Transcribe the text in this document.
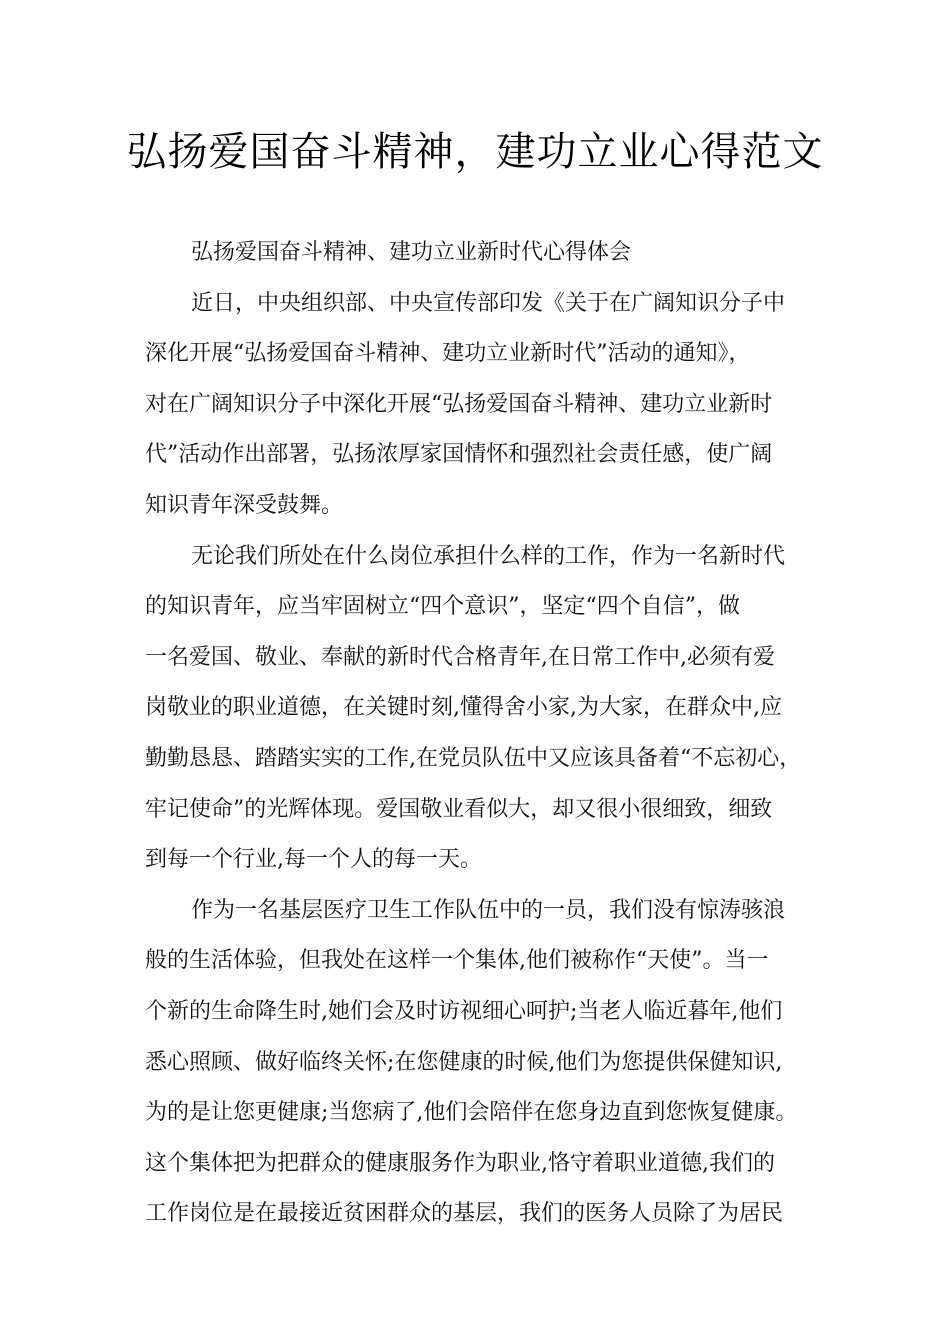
弘扬爱国奋斗精神，建功立业心得范文
弘扬爱国奋斗精神、建功立业新时代心得体会
近日，中央组织部、中央宣传部印发《关于在广阔知识分子中
深化开展“弘扬爱国奋斗精神、建功立业新时代”活动的通知》，
对在广阔知识分子中深化开展“弘扬爱国奋斗精神、建功立业新时
代”活动作出部署，弘扬浓厚家国情怀和强烈社会责任感，使广阔
知识青年深受鼓舞。
无论我们所处在什么岗位承担什么样的工作，作为一名新时代
的知识青年，应当牢固树立“四个意识”，坚定“四个自信”，做
一名爱国、敬业、奉献的新时代合格青年,在日常工作中,必须有爱
岗敬业的职业道德，在关键时刻,懂得舍小家,为大家，在群众中,应
勤勤恳恳、踏踏实实的工作,在党员队伍中又应该具备着“不忘初心，
牢记使命”的光辉体现。爱国敬业看似大，却又很小很细致，细致
到每一个行业,每一个人的每一天。
作为一名基层医疗卫生工作队伍中的一员，我们没有惊涛骇浪
般的生活体验，但我处在这样一个集体,他们被称作“天使”。当一
个新的生命降生时,她们会及时访视细心呵护;当老人临近暮年,他们
悉心照顾、做好临终关怀;在您健康的时候,他们为您提供保健知识,
为的是让您更健康;当您病了,他们会陪伴在您身边直到您恢复健康。
这个集体把为把群众的健康服务作为职业,恪守着职业道德,我们的
工作岗位是在最接近贫困群众的基层，我们的医务人员除了为居民
